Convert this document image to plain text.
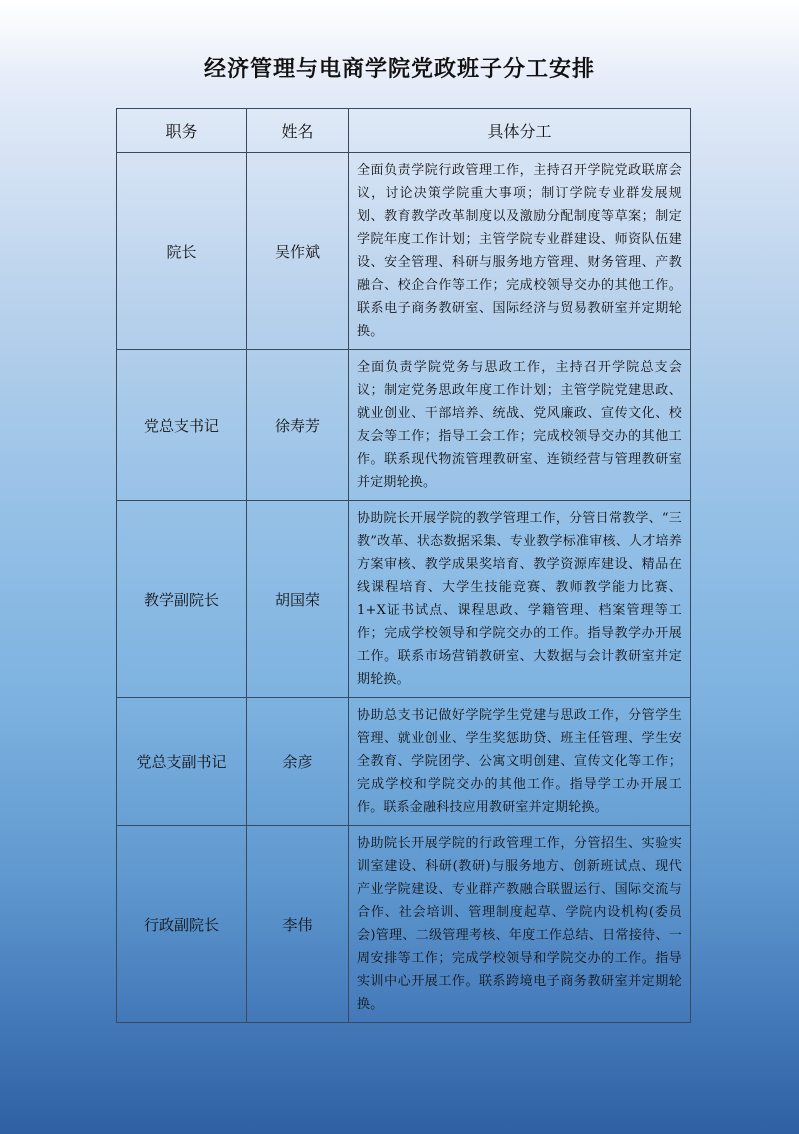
经济管理与电商学院党政班子分工安排
职务	姓名	具体分工
院长	吴作斌	全面负责学院行政管理工作，主持召开学院党政联席会议，讨论决策学院重大事项；制订学院专业群发展规划、教育教学改革制度以及激励分配制度等草案；制定学院年度工作计划；主管学院专业群建设、师资队伍建设、安全管理、科研与服务地方管理、财务管理、产教融合、校企合作等工作；完成校领导交办的其他工作。联系电子商务教研室、国际经济与贸易教研室并定期轮换。
党总支书记	徐寿芳	全面负责学院党务与思政工作，主持召开学院总支会议；制定党务思政年度工作计划；主管学院党建思政、就业创业、干部培养、统战、党风廉政、宣传文化、校友会等工作；指导工会工作；完成校领导交办的其他工作。联系现代物流管理教研室、连锁经营与管理教研室并定期轮换。
教学副院长	胡国荣	协助院长开展学院的教学管理工作，分管日常教学、“三教”改革、状态数据采集、专业教学标准审核、人才培养方案审核、教学成果奖培育、教学资源库建设、精品在线课程培育、大学生技能竞赛、教师教学能力比赛、1+X证书试点、课程思政、学籍管理、档案管理等工作；完成学校领导和学院交办的工作。指导教学办开展工作。联系市场营销教研室、大数据与会计教研室并定期轮换。
党总支副书记	余彦	协助总支书记做好学院学生党建与思政工作，分管学生管理、就业创业、学生奖惩助贷、班主任管理、学生安全教育、学院团学、公寓文明创建、宣传文化等工作；完成学校和学院交办的其他工作。指导学工办开展工作。联系金融科技应用教研室并定期轮换。
行政副院长	李伟	协助院长开展学院的行政管理工作，分管招生、实验实训室建设、科研(教研)与服务地方、创新班试点、现代产业学院建设、专业群产教融合联盟运行、国际交流与合作、社会培训、管理制度起草、学院内设机构(委员会)管理、二级管理考核、年度工作总结、日常接待、一周安排等工作；完成学校领导和学院交办的工作。指导实训中心开展工作。联系跨境电子商务教研室并定期轮换。
